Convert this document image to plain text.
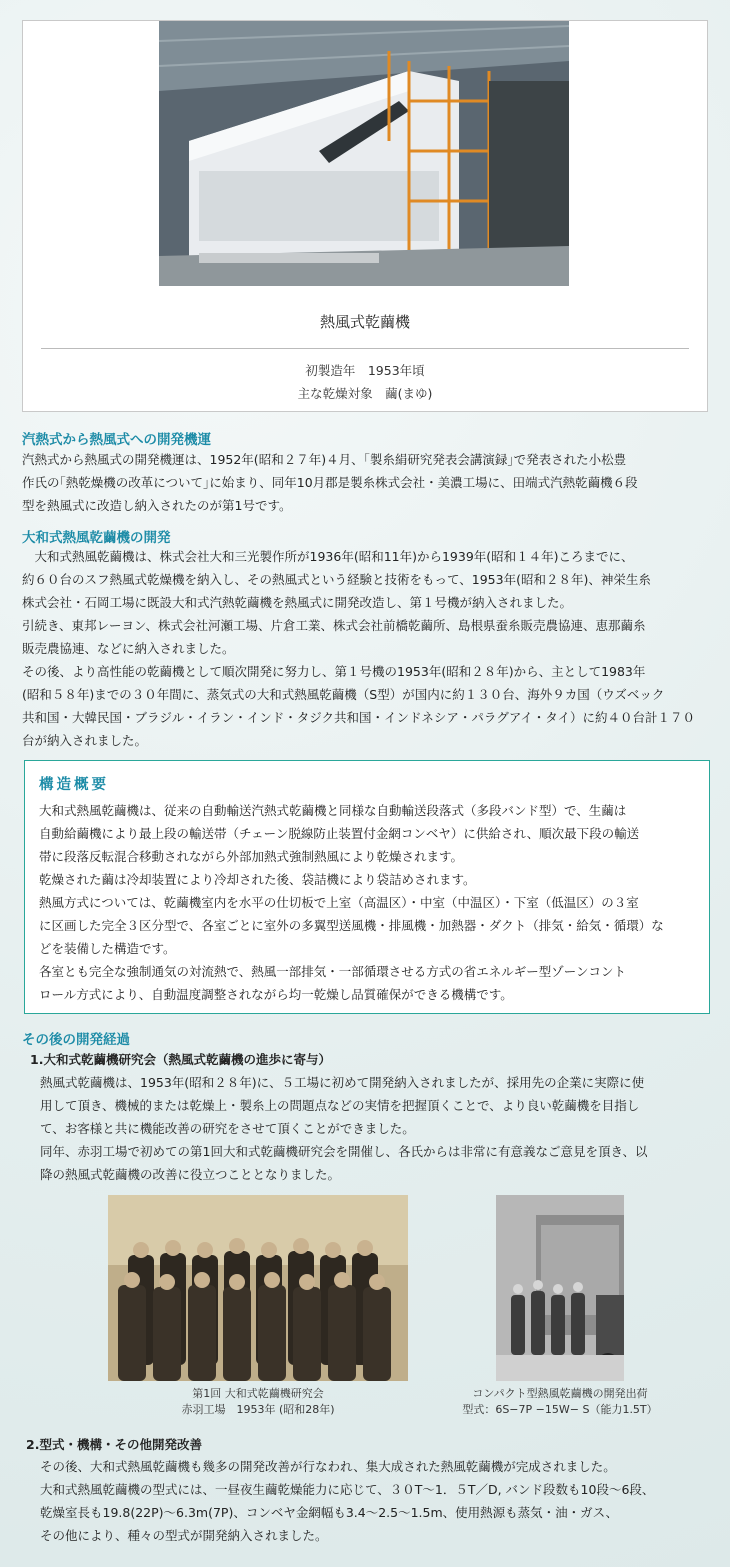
熱風式乾繭機
初製造年　1953年頃
主な乾燥対象　繭(まゆ)
汽熱式から熱風式への開発機運

汽熱式から熱風式の開発機運は、1952年(昭和２７年)４月、｢製糸絹研究発表会講演録｣で発表された小松豊

作氏の｢熱乾燥機の改革について｣に始まり、同年10月郡是製糸株式会社・美濃工場に、田端式汽熱乾繭機６段

型を熱風式に改造し納入されたのが第1号です。

大和式熱風乾繭機の開発

　大和式熱風乾繭機は、株式会社大和三光製作所が1936年(昭和11年)から1939年(昭和１４年)ころまでに、

約６０台のスフ熱風式乾燥機を納入し、その熱風式という経験と技術をもって、1953年(昭和２８年)、神栄生糸

株式会社・石岡工場に既設大和式汽熱乾繭機を熱風式に開発改造し、第１号機が納入されました。

引続き、東邦レーヨン、株式会社河瀬工場、片倉工業、株式会社前橋乾繭所、島根県蚕糸販売農協連、恵那繭糸

販売農協連、などに納入されました。

その後、より高性能の乾繭機として順次開発に努力し、第１号機の1953年(昭和２８年)から、主として1983年

(昭和５８年)までの３０年間に、蒸気式の大和式熱風乾繭機（S型）が国内に約１３０台、海外９カ国（ウズベック

共和国・大韓民国・ブラジル・イラン・インド・タジク共和国・インドネシア・パラグアイ・タイ）に約４０台計１７０

台が納入されました。

構造概要

大和式熱風乾繭機は、従来の自動輸送汽熱式乾繭機と同様な自動輸送段落式（多段バンド型）で、生繭は

自動給繭機により最上段の輸送帯（チェーン脱線防止装置付金網コンベヤ）に供給され、順次最下段の輸送

帯に段落反転混合移動されながら外部加熱式強制熱風により乾燥されます。

乾燥された繭は冷却装置により冷却された後、袋詰機により袋詰めされます。

熱風方式については、乾繭機室内を水平の仕切板で上室（高温区）・中室（中温区）・下室（低温区）の３室

に区画した完全３区分型で、各室ごとに室外の多翼型送風機・排風機・加熱器・ダクト（排気・給気・循環）な

どを装備した構造です。

各室とも完全な強制通気の対流熱で、熱風一部排気・一部循環させる方式の省エネルギー型ゾーンコント

ロール方式により、自動温度調整されながら均一乾燥し品質確保ができる機構です。

その後の開発経過
1.大和式乾繭機研究会（熱風式乾繭機の進歩に寄与）

熱風式乾繭機は、1953年(昭和２８年)に、５工場に初めて開発納入されましたが、採用先の企業に実際に使

用して頂き、機械的または乾燥上・製糸上の問題点などの実情を把握頂くことで、より良い乾繭機を目指し

て、お客様と共に機能改善の研究をさせて頂くことができました。

同年、赤羽工場で初めての第1回大和式乾繭機研究会を開催し、各氏からは非常に有意義なご意見を頂き、以

降の熱風式乾繭機の改善に役立つこととなりました。

第1回 大和式乾繭機研究会
赤羽工場　1953年 (昭和28年)
コンパクト型熱風乾繭機の開発出荷
型式：6S−7P −15W− S（能力1.5T）
2.型式・機構・その他開発改善

その後、大和式熱風乾繭機も幾多の開発改善が行なわれ、集大成された熱風乾繭機が完成されました。

大和式熱風乾繭機の型式には、一昼夜生繭乾燥能力に応じて、３０T〜1．５T／D, バンド段数も10段〜6段、

乾燥室長も19.8(22P)〜6.3m(7P)、コンベヤ金網幅も3.4〜2.5〜1.5m、使用熱源も蒸気・油・ガス、

その他により、種々の型式が開発納入されました。
